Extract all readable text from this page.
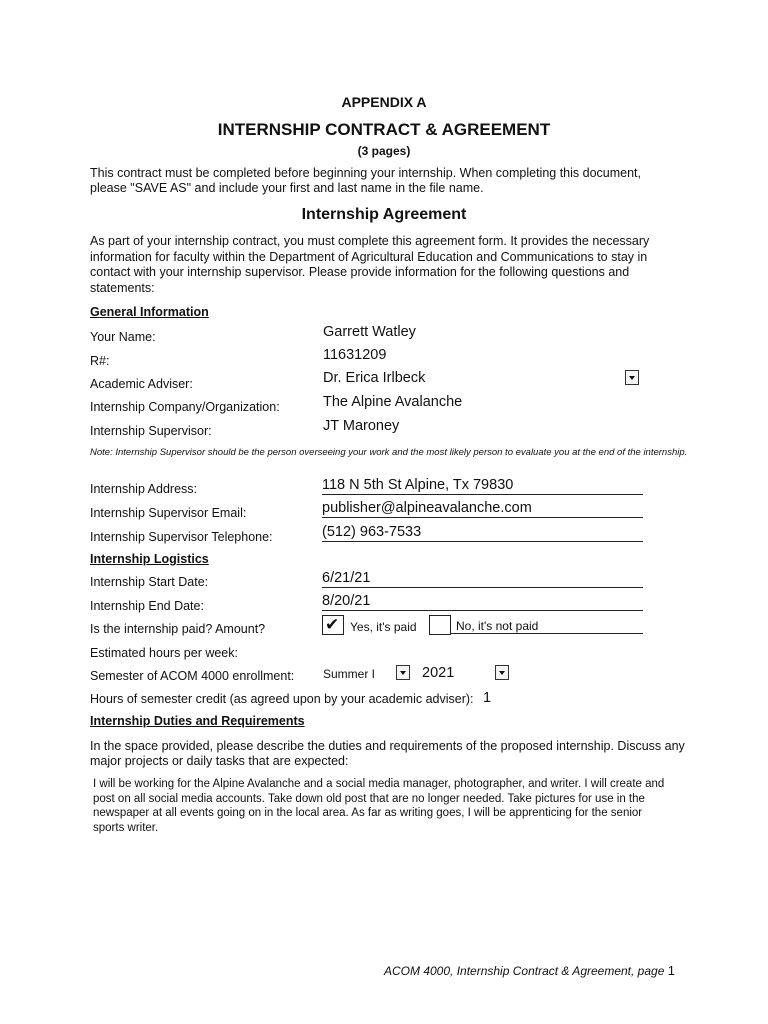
APPENDIX A
INTERNSHIP CONTRACT & AGREEMENT
(3 pages)
This contract must be completed before beginning your internship. When completing this document, please "SAVE AS" and include your first and last name in the file name.
Internship Agreement
As part of your internship contract, you must complete this agreement form. It provides the necessary information for faculty within the Department of Agricultural Education and Communications to stay in contact with your internship supervisor. Please provide information for the following questions and statements:
General Information
Your Name:	Garrett Watley
R#:	11631209
Academic Adviser:	Dr. Erica Irlbeck
Internship Company/Organization:	The Alpine Avalanche
Internship Supervisor:	JT Maroney
Note: Internship Supervisor should be the person overseeing your work and the most likely person to evaluate you at the end of the internship.
Internship Address:	118 N 5th St Alpine, Tx 79830
Internship Supervisor Email:	publisher@alpineavalanche.com
Internship Supervisor Telephone:	(512) 963-7533
Internship Logistics
Internship Start Date:	6/21/21
Internship End Date:	8/20/21
Is the internship paid? Amount?	✔ Yes, it's paid	No, it's not paid
Estimated hours per week:
Semester of ACOM 4000 enrollment: Summer I	2021
Hours of semester credit (as agreed upon by your academic adviser): 1
Internship Duties and Requirements
In the space provided, please describe the duties and requirements of the proposed internship. Discuss any major projects or daily tasks that are expected:
I will be working for the Alpine Avalanche and a social media manager, photographer, and writer. I will create and post on all social media accounts. Take down old post that are no longer needed. Take pictures for use in the newspaper at all events going on in the local area. As far as writing goes, I will be apprenticing for the senior sports writer.
ACOM 4000, Internship Contract & Agreement, page 1
